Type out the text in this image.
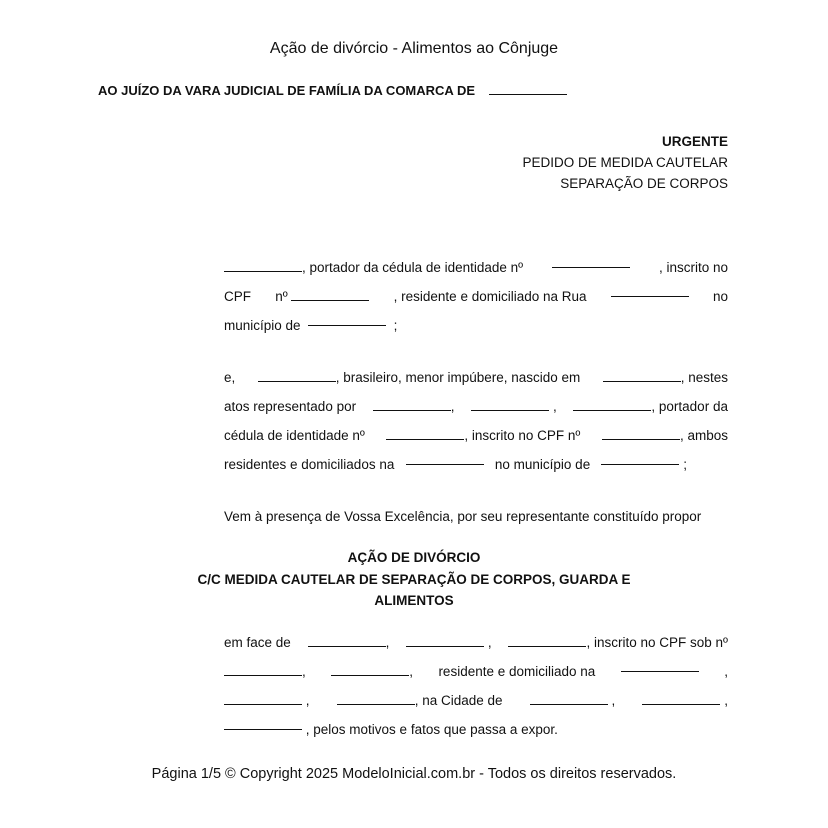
Ação de divórcio - Alimentos ao Cônjuge
AO JUÍZO DA VARA JUDICIAL DE FAMÍLIA DA COMARCA DE
URGENTE
PEDIDO DE MEDIDA CAUTELAR
SEPARAÇÃO DE CORPOS
, portador da cédula de identidade nº	, inscrito no
CPF nº	, residente e domiciliado na Rua	no
município de

	;
e,	, brasileiro, menor impúbere, nascido em	, nestes
atos representado por	,	,	, portador da
cédula de identidade nº	, inscrito no CPF nº	, ambos
residentes e domiciliados na

	no município de

	;
Vem à presença de Vossa Excelência, por seu representante constituído propor
AÇÃO DE DIVÓRCIO
C/C MEDIDA CAUTELAR DE SEPARAÇÃO DE CORPOS, GUARDA E
ALIMENTOS
em face de	,	,	, inscrito no CPF sob nº
,	, residente e domiciliado na	,
,	, na Cidade de	,	,

, pelos motivos e fatos que passa a expor.
Página 1/5 © Copyright 2025 ModeloInicial.com.br - Todos os direitos reservados.
